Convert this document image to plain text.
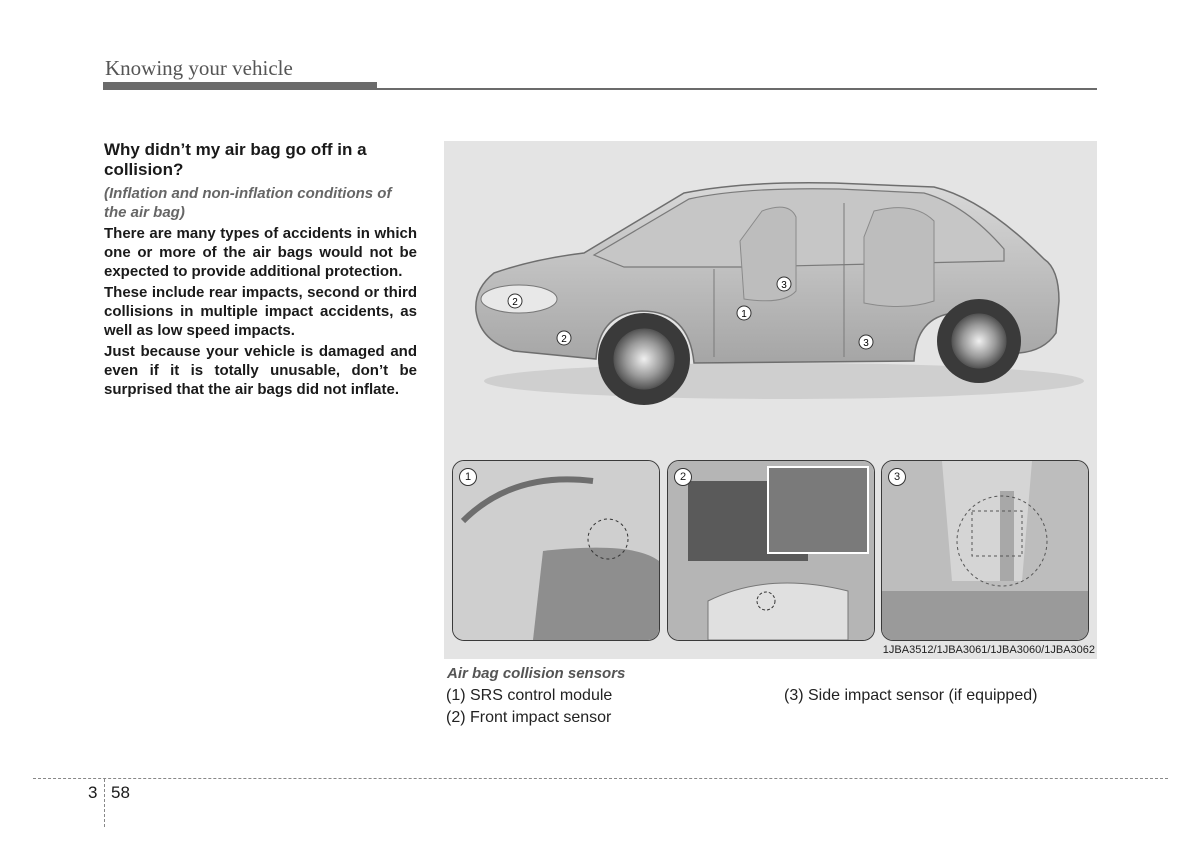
Knowing your vehicle
Why didn’t my air bag go off in a collision?
(Inflation and non-inflation conditions of the air bag)
There are many types of accidents in which one or more of the air bags would not be expected to provide additional protection.
These include rear impacts, second or third collisions in multiple impact accidents, as well as low speed impacts.
Just because your vehicle is damaged and even if it is totally unusable, don’t be surprised that the air bags did not inflate.
1
2
2
3
3
1	2	3
1JBA3512/1JBA3061/1JBA3060/1JBA3062
Air bag collision sensors
(1) SRS control module
(2) Front impact sensor
(3) Side impact sensor (if equipped)
3 58
